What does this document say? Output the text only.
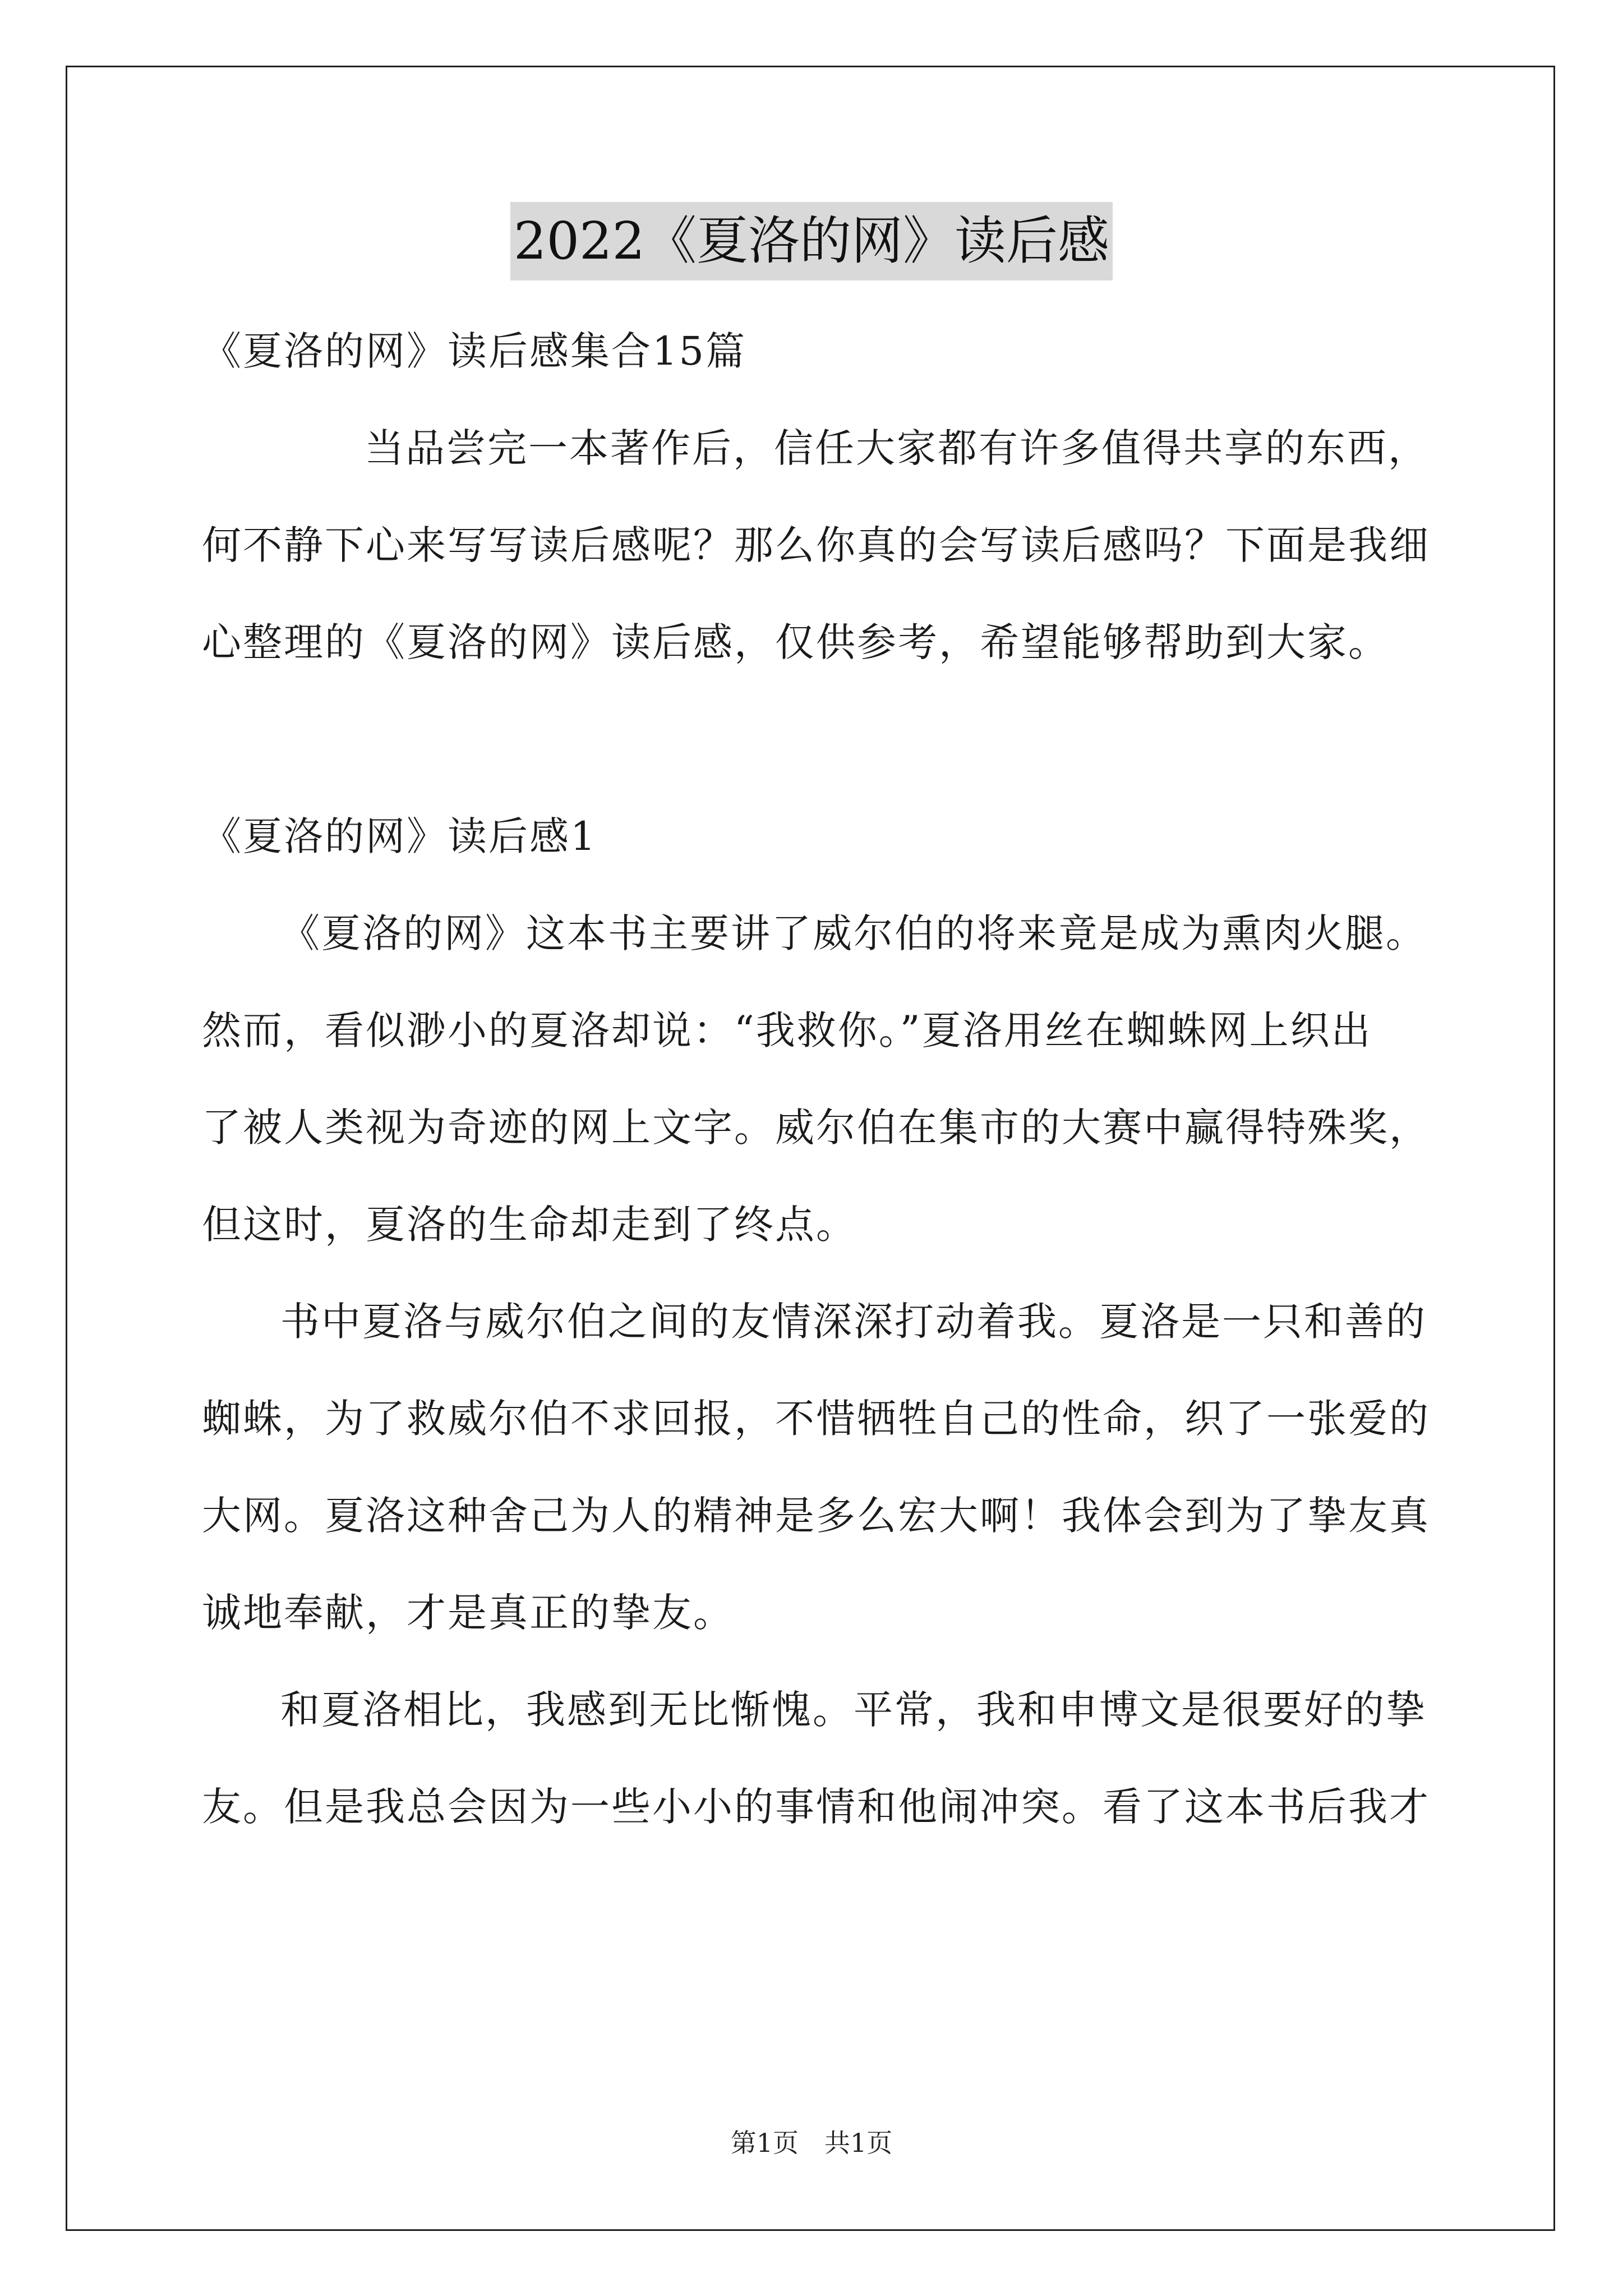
2022《夏洛的网》读后感
《夏洛的网》读后感集合15篇
当品尝完一本著作后，信任大家都有许多值得共享的东西，
何不静下心来写写读后感呢？那么你真的会写读后感吗？下面是我细
心整理的《夏洛的网》读后感，仅供参考，希望能够帮助到大家。
《夏洛的网》读后感1
《夏洛的网》这本书主要讲了威尔伯的将来竟是成为熏肉火腿。
然而，看似渺小的夏洛却说：“我救你。”夏洛用丝在蜘蛛网上织出
了被人类视为奇迹的网上文字。威尔伯在集市的大赛中赢得特殊奖，
但这时，夏洛的生命却走到了终点。
书中夏洛与威尔伯之间的友情深深打动着我。夏洛是一只和善的
蜘蛛，为了救威尔伯不求回报，不惜牺牲自己的性命，织了一张爱的
大网。夏洛这种舍己为人的精神是多么宏大啊！我体会到为了挚友真
诚地奉献，才是真正的挚友。
和夏洛相比，我感到无比惭愧。平常，我和申博文是很要好的挚
友。但是我总会因为一些小小的事情和他闹冲突。看了这本书后我才
第1页　共1页
